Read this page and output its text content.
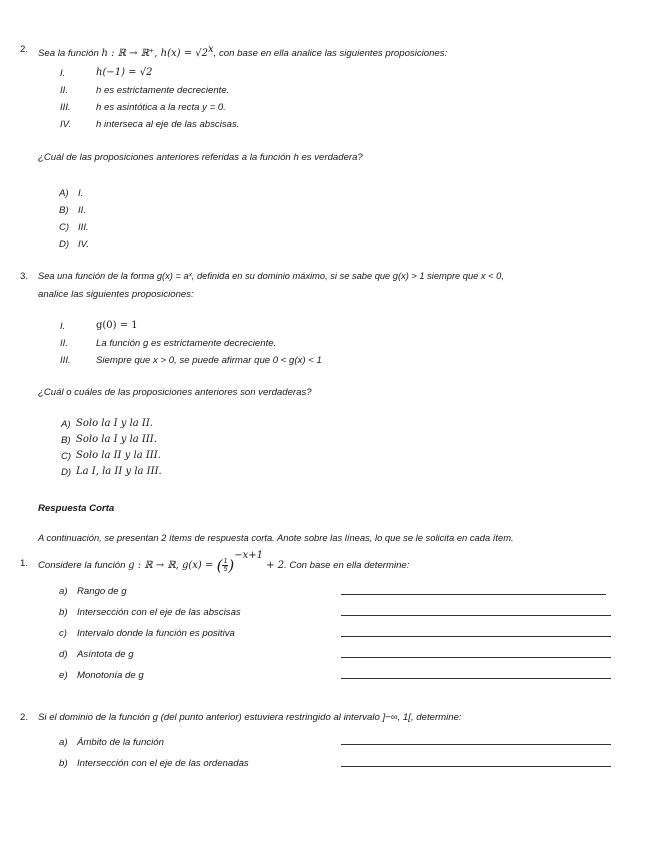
2. Sea la función h : ℝ → ℝ⁺, $h(x) = √2^x$, con base en ella analice las siguientes proposiciones:
I.	h(−1) = √2
II.	h es estrictamente decreciente.
III.	h es asintótica a la recta y = 0.
IV.	h interseca al eje de las abscisas.
¿Cuál de las proposiciones anteriores referidas a la función h es verdadera?
A) I.
B) II.
C) III.
D) IV.
3. Sea una función de la forma g(x) = aˣ, definida en su dominio máximo, si se sabe que g(x) > 1 siempre que x < 0,
analice las siguientes proposiciones:
I.	g(0) = 1
II.	La función g es estrictamente decreciente.
III.	Siempre que x > 0, se puede afirmar que 0 < g(x) < 1
¿Cuál o cuáles de las proposiciones anteriores son verdaderas?
A) Solo la I y la II.
B) Solo la I y la III.
C) Solo la II y la III.
D) La I, la II y la III.
Respuesta Corta
A continuación, se presentan 2 ítems de respuesta corta. Anote sobre las líneas, lo que se le solicita en cada ítem.
1. Considere la función g : ℝ → ℝ, g(x) = ( $\frac{1}{5} )^{-x+1} + 2$. Con base en ella determine:
a) Rango de g
b) Intersección con el eje de las abscisas
c) Intervalo donde la función es positiva
d) Asíntota de g
e) Monotonía de g
2. Si el dominio de la función g (del punto anterior) estuviera restringido al intervalo ]−∞, 1[, determine:
a) Ámbito de la función
b) Intersección con el eje de las ordenadas
